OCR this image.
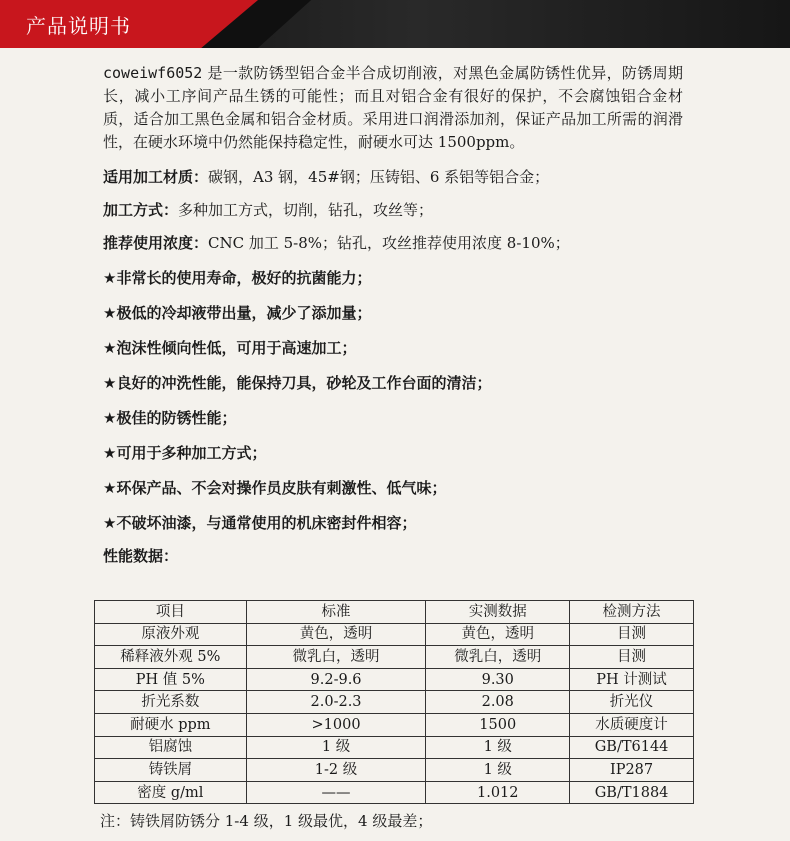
产品说明书

coweiwf6052 是一款防锈型铝合金半合成切削液，对黑色金属防锈性优异，防锈周期长，减小工序间产品生锈的可能性；而且对铝合金有很好的保护，不会腐蚀铝合金材质，适合加工黑色金属和铝合金材质。采用进口润滑添加剂，保证产品加工所需的润滑性，在硬水环境中仍然能保持稳定性，耐硬水可达 1500ppm。

适用加工材质：碳钢，A3 钢，45#钢；压铸铝、6 系铝等铝合金；
加工方式：多种加工方式，切削，钻孔，攻丝等；
推荐使用浓度：CNC 加工 5-8%；钻孔，攻丝推荐使用浓度 8-10%；
★非常长的使用寿命，极好的抗菌能力；
★极低的冷却液带出量，减少了添加量；
★泡沫性倾向性低，可用于高速加工；
★良好的冲洗性能，能保持刀具，砂轮及工作台面的清洁；
★极佳的防锈性能；
★可用于多种加工方式；
★环保产品、不会对操作员皮肤有刺激性、低气味；
★不破坏油漆，与通常使用的机床密封件相容；
性能数据：
项目	标准	实测数据	检测方法
原液外观	黄色，透明	黄色，透明	目测
稀释液外观 5%	微乳白，透明	微乳白，透明	目测
PH 值 5%	9.2-9.6	9.30	PH 计测试
折光系数	2.0-2.3	2.08	折光仪
耐硬水 ppm	>1000	1500	水质硬度计
铝腐蚀	1 级	1 级	GB/T6144
铸铁屑	1-2 级	1 级	IP287
密度 g/ml	——	1.012	GB/T1884
注：铸铁屑防锈分 1-4 级，1 级最优，4 级最差；
